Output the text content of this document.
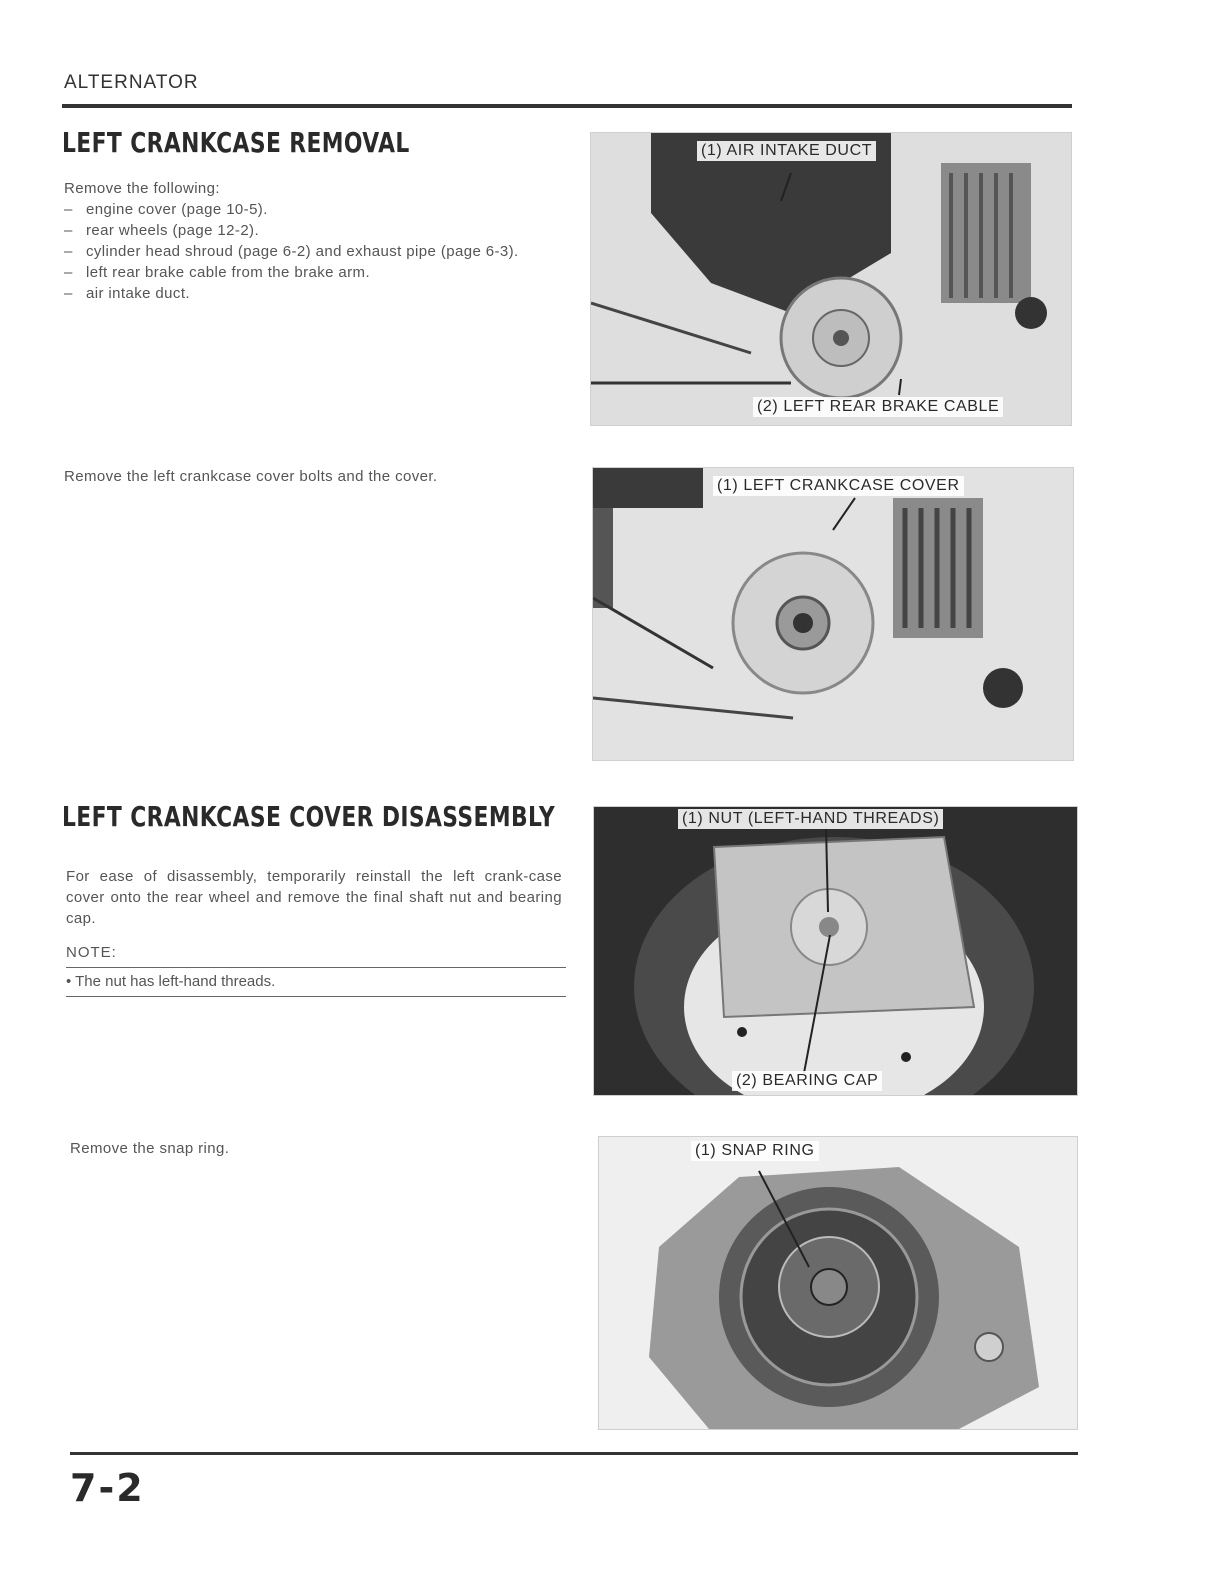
ALTERNATOR
LEFT CRANKCASE REMOVAL
Remove the following:
– engine cover (page 10-5).
– rear wheels (page 12-2).
– cylinder head shroud (page 6-2) and exhaust pipe (page 6-3).
– left rear brake cable from the brake arm.
– air intake duct.
Remove the left crankcase cover bolts and the cover.
LEFT CRANKCASE COVER DISASSEMBLY
For ease of disassembly, temporarily reinstall the left crank-case cover onto the rear wheel and remove the final shaft nut and bearing cap.
NOTE:
• The nut has left-hand threads.
Remove the snap ring.
(1) AIR INTAKE DUCT
(2) LEFT REAR BRAKE CABLE
(1) LEFT CRANKCASE COVER
(1) NUT (LEFT-HAND THREADS)
(2) BEARING CAP
(1) SNAP RING
7-2
